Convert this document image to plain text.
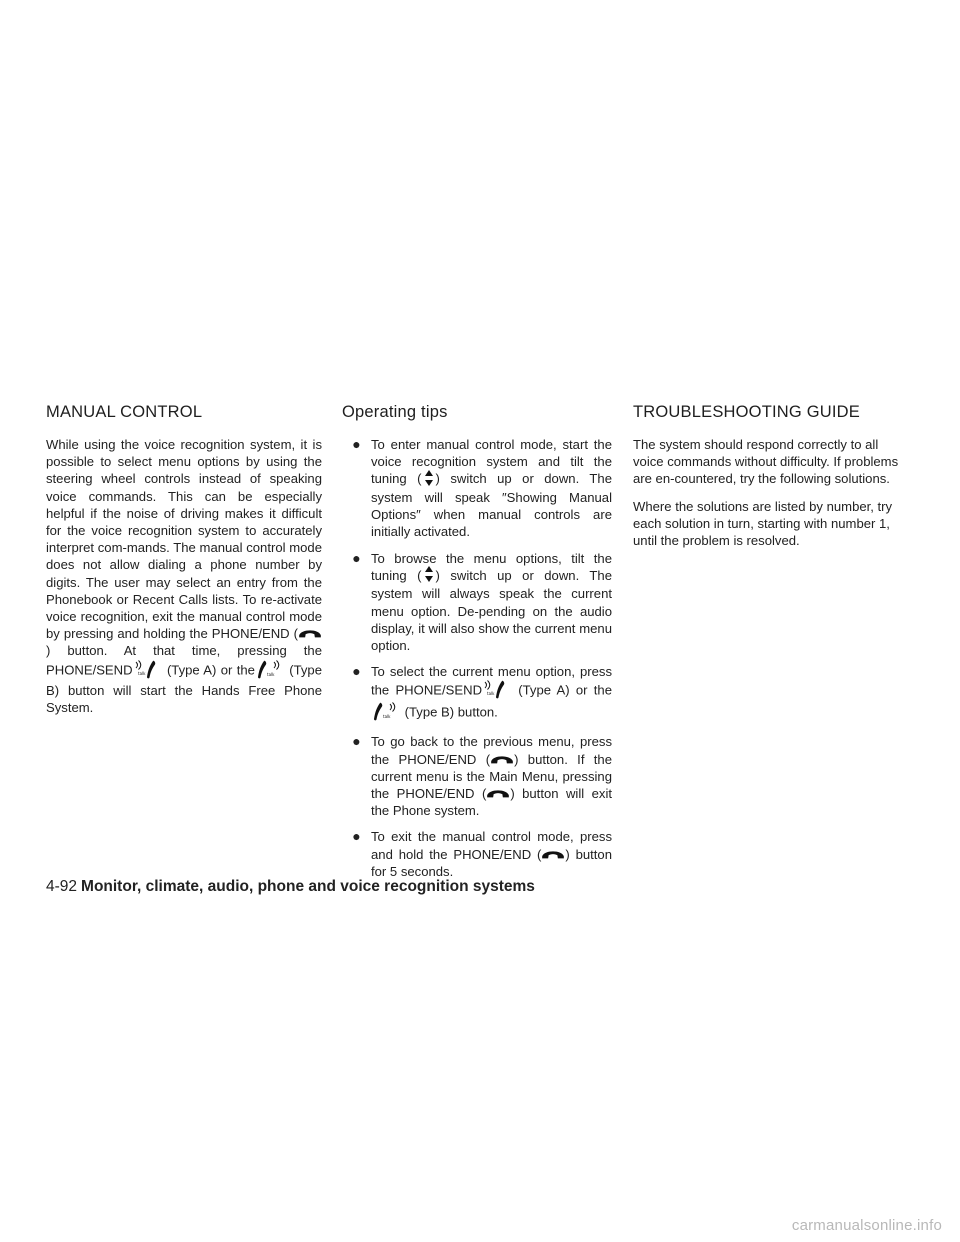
MANUAL CONTROL

While using the voice recognition system, it is possible to select menu options by using the steering wheel controls instead of speaking voice commands. This can be especially helpful if the noise of driving makes it difficult for the voice recognition system to accurately interpret com-mands. The manual control mode does not allow dialing a phone number by digits. The user may select an entry from the Phonebook or Recent Calls lists. To re-activate voice recognition, exit the manual control mode by pressing and holding the PHONE/END (
) button. At that time, pressing the PHONE/SEND	(Type A) or the	(Type B) button will start the Hands Free Phone System.

Operating tips
● To enter manual control mode, start the voice recognition system and tilt the tuning ( ) switch up or down. The system will speak ″Showing Manual Options″ when manual controls are initially activated.
● To browse the menu options, tilt the tuning ( ) switch up or down. The system will always speak the current menu option. De-pending on the audio display, it will also show the current menu option.
● To select the current menu option, press the PHONE/SEND	(Type A) or the
(Type B) button.
● To go back to the previous menu, press the PHONE/END ( ) button. If the current menu is the Main Menu, pressing the PHONE/END ( ) button will exit the Phone system.
● To exit the manual control mode, press and hold the PHONE/END ( ) button for 5 seconds.
TROUBLESHOOTING GUIDE

The system should respond correctly to all voice commands without difficulty. If problems are en-countered, try the following solutions.

Where the solutions are listed by number, try each solution in turn, starting with number 1, until the problem is resolved.

4-92 Monitor, climate, audio, phone and voice recognition systems
carmanualsonline.info
